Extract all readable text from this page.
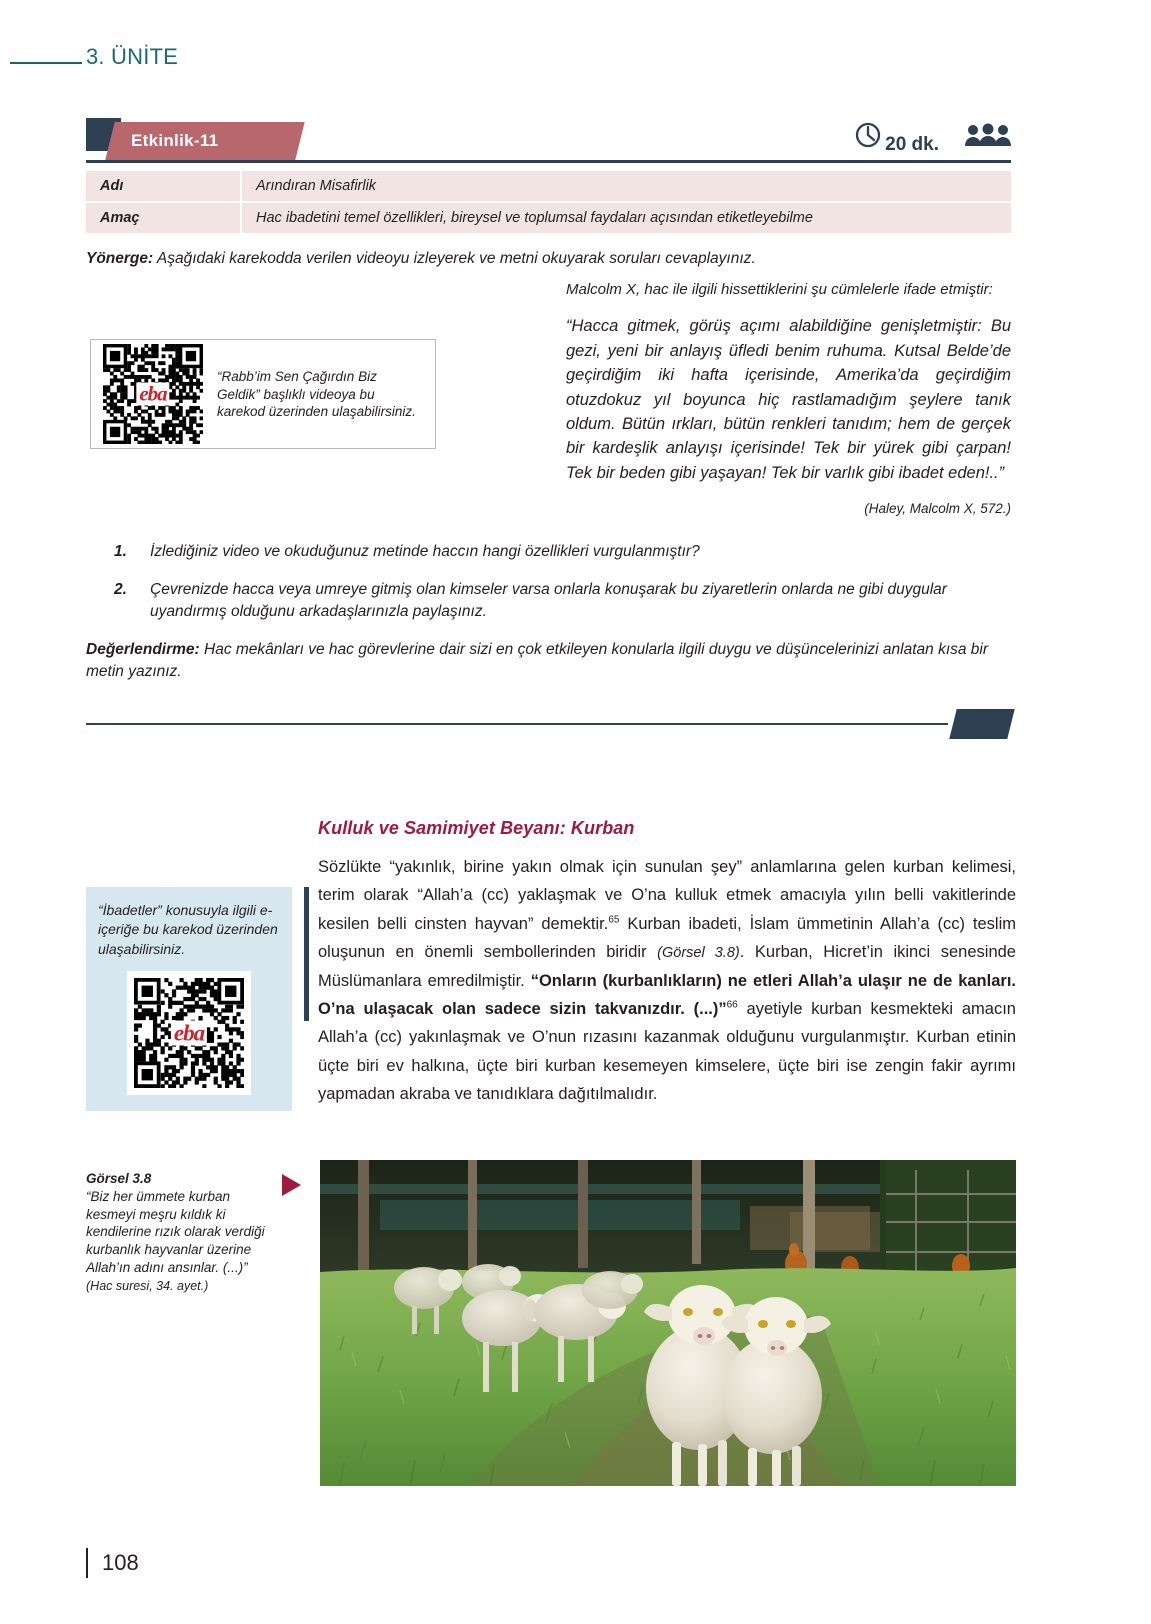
3. ÜNİTE
Etkinlik-11	20 dk.
Adı	Arındıran Misafirlik
Amaç	Hac ibadetini temel özellikleri, bireysel ve toplumsal faydaları açısından etiketleyebilme
Yönerge: Aşağıdaki karekodda verilen videoyu izleyerek ve metni okuyarak soruları cevaplayınız.
eba
“Rabb’im Sen Çağırdın Biz Geldik” başlıklı videoya bu karekod üzerinden ulaşabilirsiniz.
Malcolm X, hac ile ilgili hissettiklerini şu cümlelerle ifade etmiştir:
“Hacca gitmek, görüş açımı alabildiğine genişletmiştir: Bu gezi, yeni bir anlayış üfledi benim ruhuma. Kutsal Belde’de geçirdiğim iki hafta içerisinde, Amerika’da geçirdiğim otuzdokuz yıl boyunca hiç rastlamadığım şeylere tanık oldum. Bütün ırkları, bütün renkleri tanıdım; hem de gerçek bir kardeşlik anlayışı içerisinde! Tek bir yürek gibi çarpan! Tek bir beden gibi yaşayan! Tek bir varlık gibi ibadet eden!..”
(Haley, Malcolm X, 572.)
1. İzlediğiniz video ve okuduğunuz metinde haccın hangi özellikleri vurgulanmıştır?
2. Çevrenizde hacca veya umreye gitmiş olan kimseler varsa onlarla konuşarak bu ziyaretlerin onlarda ne gibi duygular uyandırmış olduğunu arkadaşlarınızla paylaşınız.
Değerlendirme: Hac mekânları ve hac görevlerine dair sizi en çok etkileyen konularla ilgili duygu ve düşüncelerinizi anlatan kısa bir metin yazınız.
Kulluk ve Samimiyet Beyanı: Kurban
“İbadetler” konusuyla ilgili e-içeriğe bu karekod üzerinden ulaşabilirsiniz.
eba
Sözlükte “yakınlık, birine yakın olmak için sunulan şey” anlamlarına gelen kurban kelimesi, terim olarak “Allah’a (cc) yaklaşmak ve O’na kulluk etmek amacıyla yılın belli vakitlerinde kesilen belli cinsten hayvan” demektir.$^{65}$ Kurban ibadeti, İslam ümmetinin Allah’a (cc) teslim oluşunun en önemli sembollerinden biridir (Görsel 3.8). Kurban, Hicret’in ikinci senesinde Müslümanlara emredilmiştir. “Onların (kurbanlıkların) ne etleri Allah’a ulaşır ne de kanları. O’na ulaşacak olan sadece sizin takvanızdır. (...)”$^{66}$ ayetiyle kurban kesmekteki amacın Allah’a (cc) yakınlaşmak ve O’nun rızasını kazanmak olduğunu vurgulanmıştır. Kurban etinin üçte biri ev halkına, üçte biri kurban kesemeyen kimselere, üçte biri ise zengin fakir ayrımı yapmadan akraba ve tanıdıklara dağıtılmalıdır.
Görsel 3.8
“Biz her ümmete kurban kesmeyi meşru kıldık ki kendilerine rızık olarak verdiği kurbanlık hayvanlar üzerine Allah’ın adını ansınlar. (...)”
(Hac suresi, 34. ayet.)
108
